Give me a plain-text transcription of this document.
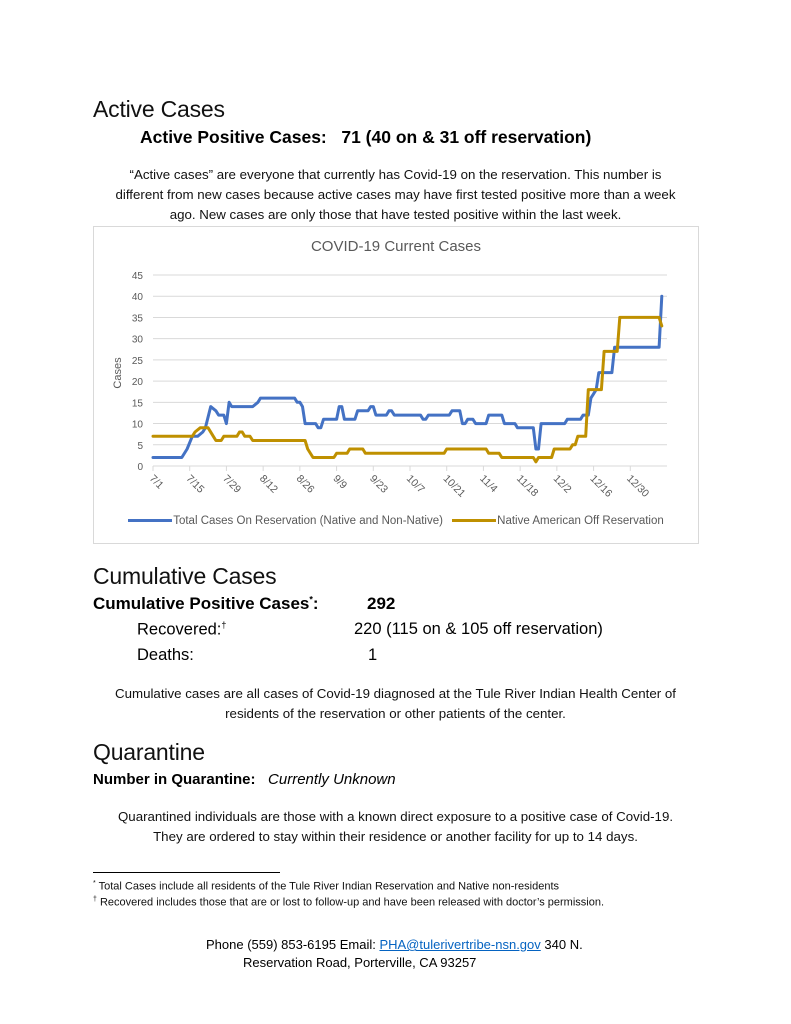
Active Cases
Active Positive Cases: 71 (40 on & 31 off reservation)
“Active cases” are everyone that currently has Covid-19 on the reservation. This number is
different from new cases because active cases may have first tested positive more than a week
ago. New cases are only those that have tested positive within the last week.
COVID-19 Current Cases
0
5
10
15
20
25
30
35
40
45
7/1 7/15 7/29 8/12 8/26 9/9 9/23 10/7 10/21 11/4 11/18 12/2 12/16 12/30
Cases
Total Cases On Reservation (Native and Non-Native)	Native American Off Reservation
Cumulative Cases
Cumulative Positive Cases*:	292
Recovered:†	220 (115 on & 105 off reservation)
Deaths:	1
Cumulative cases are all cases of Covid-19 diagnosed at the Tule River Indian Health Center of
residents of the reservation or other patients of the center.
Quarantine
Number in Quarantine: Currently Unknown
Quarantined individuals are those with a known direct exposure to a positive case of Covid-19.
They are ordered to stay within their residence or another facility for up to 14 days.
* Total Cases include all residents of the Tule River Indian Reservation and Native non-residents
† Recovered includes those that are or lost to follow-up and have been released with doctor’s permission.
Phone (559) 853-6195 Email: PHA@tulerivertribe-nsn.gov 340 N.
Reservation Road, Porterville, CA 93257
